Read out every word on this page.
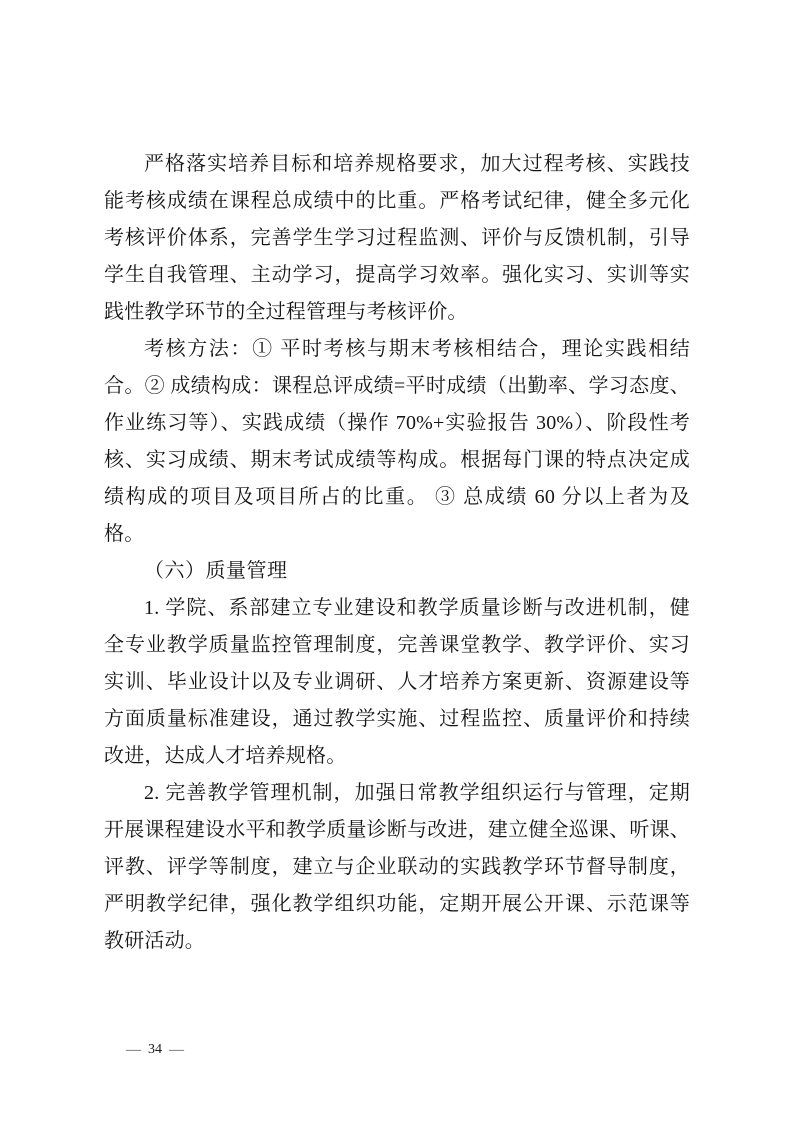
严格落实培养目标和培养规格要求，加大过程考核、实践技
能考核成绩在课程总成绩中的比重。严格考试纪律，健全多元化
考核评价体系，完善学生学习过程监测、评价与反馈机制，引导
学生自我管理、主动学习，提高学习效率。强化实习、实训等实
践性教学环节的全过程管理与考核评价。
考核方法：① 平时考核与期末考核相结合，理论实践相结
合。② 成绩构成：课程总评成绩=平时成绩（出勤率、学习态度、
作业练习等）、实践成绩（操作 70%+实验报告 30%）、阶段性考
核、实习成绩、期末考试成绩等构成。根据每门课的特点决定成
绩构成的项目及项目所占的比重。 ③ 总成绩 60 分以上者为及
格。
（六）质量管理
1. 学院、系部建立专业建设和教学质量诊断与改进机制，健
全专业教学质量监控管理制度，完善课堂教学、教学评价、实习
实训、毕业设计以及专业调研、人才培养方案更新、资源建设等
方面质量标准建设，通过教学实施、过程监控、质量评价和持续
改进，达成人才培养规格。
2. 完善教学管理机制，加强日常教学组织运行与管理，定期
开展课程建设水平和教学质量诊断与改进，建立健全巡课、听课、
评教、评学等制度，建立与企业联动的实践教学环节督导制度，
严明教学纪律，强化教学组织功能，定期开展公开课、示范课等
教研活动。
— 34 —
